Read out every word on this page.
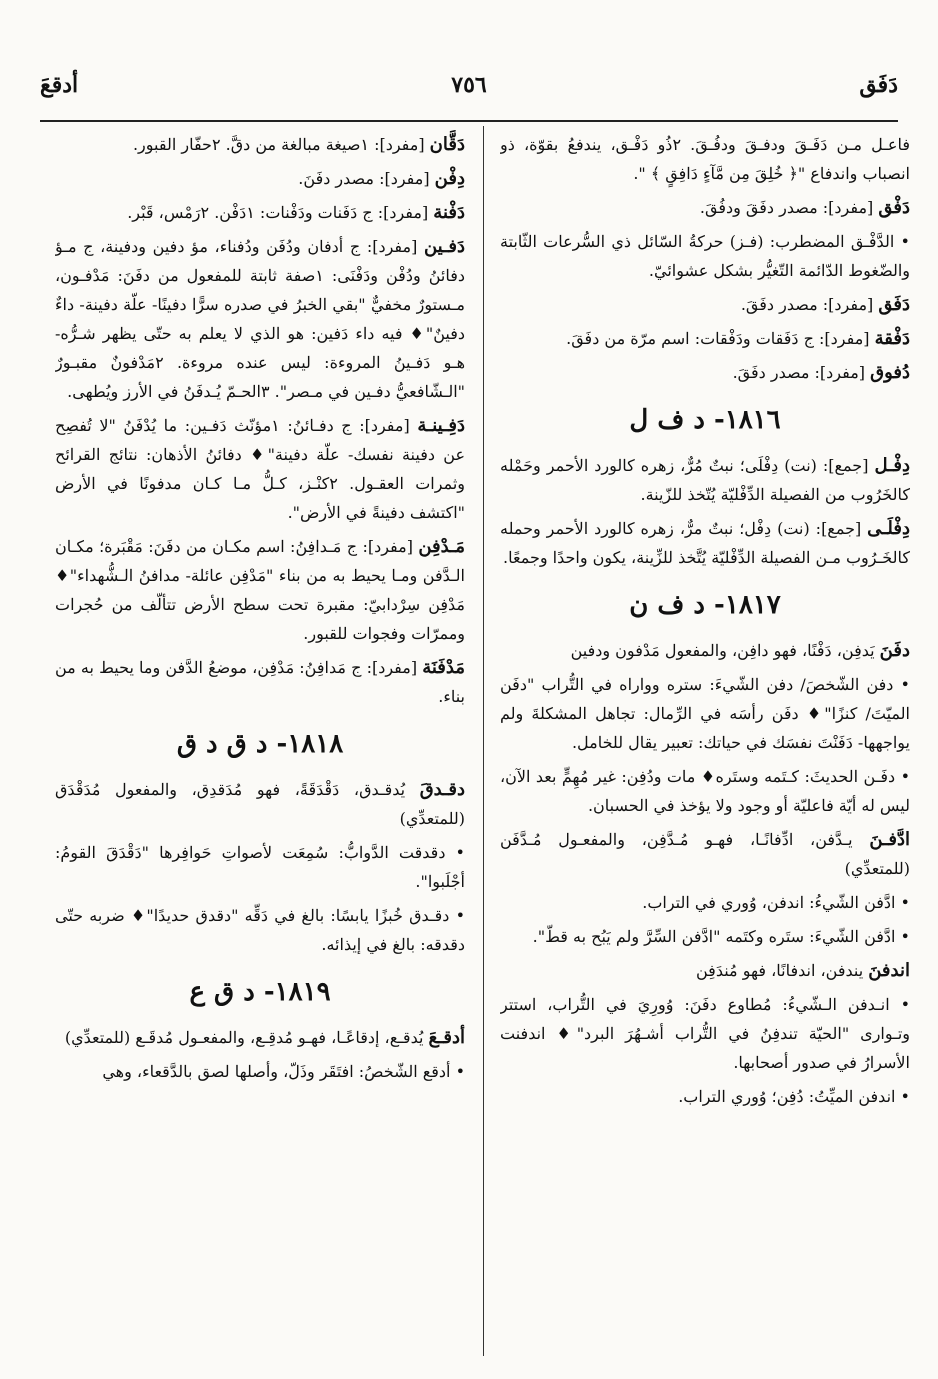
دَفَق
٧٥٦
أدقعَ

فاعـل مـن دَفَـقَ ودفـقَ ودفُـقَ. ٢ذُو دَفْـق، يندفعُ بقوّة، ذو انصباب واندفاع "﴿ خُلِقَ مِن مَّآءٍ دَافِقٍ ﴾ ".

دَفْق [مفرد]: مصدر دفَقَ ودفُقَ.

• الدَّفْـق المضطرب: (فـز) حركةُ السّائل ذي السُّرعات الثّابتة والضّغوط الدّائمة التّغيُّر بشكل عشوائيّ.

دَفَق [مفرد]: مصدر دفَقَ.

دَفْقة [مفرد]: ج دَفَقات ودَفْقات: اسم مرّة من دفَقَ.

دُفوق [مفرد]: مصدر دفَقَ.

١٨١٦- د ف ل

دِفْـل [جمع]: (نت) دِفْلَى؛ نبتٌ مُرٌّ، زهره كالورد الأحمر وحَمْله كالخَرُوب من الفصيلة الدِّفْليّة يُتّخذ للزّينة.

دِفْلَـى [جمع]: (نت) دِفْل؛ نبتٌ مرٌّ، زهره كالورد الأحمر وحمله كالخَـرُوب مـن الفصيلة الدِّفْليّة يُتَّخذ للزِّينة، يكون واحدًا وجمعًا.

١٨١٧- د ف ن

دفَنَ يَدفِن، دَفْنًا، فهو دافِن، والمفعول مَدْفون ودفين

• دفن الشّخصَ/ دفن الشّيءَ: ستره وواراه في التُّراب "دفَن الميّتَ/ كنزًا"♦ دفَن رأسَه في الرِّمال: تجاهل المشكلةَ ولم يواجهها- دَفَنْتَ نفسَك في حياتك: تعبير يقال للخامل.

• دفَـن الحديثَ: كـتَمه وستَره♦ مات ودُفِن: غير مُهِمٍّ بعد الآن، ليس له أيّة فاعليّة أو وجود ولا يؤخذ في الحسبان.

ادَّفـنَ يـدَّفن، ادِّفانًـا، فهـو مُـدَّفِن، والمفعـول مُـدَّفَن (للمتعدِّي)

• ادَّفن الشّيءُ: اندفن، وُوري في التراب.

• ادَّفن الشّيءَ: ستَره وكتَمه "ادَّفن السِّرَّ ولم يَبُح به قطّ".

اندفنَ يندفن، اندفانًا، فهو مُندَفِن

• انـدفن الـشّيءُ: مُطاوع دفَنَ: وُورِيَ في التُّراب، استتر وتـوارى "الحيّة تندفِنُ في التُّراب أشـهُرَ البرد"♦ اندفنت الأسرارُ في صدور أصحابها.

• اندفن الميِّتُ: دُفِن؛ وُوري التراب.

دَقَّان [مفرد]: ١صيغة مبالغة من دقَّ. ٢حفّار القبور.

دِفْن [مفرد]: مصدر دفَنَ.

دَفْنة [مفرد]: ج دَفَنات ودَفْنات: ١دَفْن. ٢رَمْس، قَبْر.

دَفـين [مفرد]: ج أدفان ودُفَن ودُفناء، مؤ دفين ودفينة، ج مـؤ دفائنُ ودُفْن ودَفْنَى: ١صفة ثابتة للمفعول من دفَنَ: مَدْفـون، مـستورٌ مخفيٌّ "بقي الخبرُ في صدره سرًّا دفينًا- علّة دفينة- داءٌ دفينٌ"♦ فيه داء دَفين: هو الذي لا يعلم به حتّى يظهر شـرُّه- هـو دَفـينُ المروءة: ليس عنده مروءة. ٢مَدْفونٌ مقبـورٌ "الـشّافعيُّ دفـين في مـصر". ٣الحـمّ يُـدفَنُ في الأرز ويُطهى.

دَفِـينـة [مفرد]: ج دفـائنُ: ١مؤنّث دَفـين: ما يُدْفَنُ "لا تُفصِح عن دفينة نفسك- علّة دفينة"♦ دفائنُ الأذهان: نتائج القرائح وثمرات العقـول. ٢كنْـز، كـلُّ مـا كـان مدفونًا في الأرض "اكتشف دفينةً في الأرض".

مَـدْفِن [مفرد]: ج مَـدافِنُ: اسم مكـان من دفَنَ: مَقْبَرة؛ مكـان الـدَّفن ومـا يحيط به من بناء "مَدْفِن عائلة- مدافنُ الـشُّهداء"♦ مَدْفِن سِرْدابيّ: مقبرة تحت سطح الأرض تتألّف من حُجرات وممرّات وفجوات للقبور.

مَدْفَنَة [مفرد]: ج مَدافِنُ: مَدْفِن، موضعُ الدَّفن وما يحيط به من بناء.

١٨١٨- د ق د ق

دقـدقَ يُدقـدق، دَقْدَقَةً، فهو مُدَقدِق، والمفعول مُدَقْدَق (للمتعدِّي)

• دقدقت الدَّوابُّ: سُمِعَت لأصواتِ حَوافِرها "دَقْدَقَ القومُ: أجْلَبوا".

• دقـدق خُبزًا يابسًا: بالغ في دَقِّه "دقدق حديدًا"♦ ضربه حتّى دقدقه: بالغ في إيذائه.

١٨١٩- د ق ع

أدقـعَ يُدقـع، إدقاعًـا، فهـو مُدقِـع، والمفعـول مُدقَـع (للمتعدِّي)

• أدقع الشّخصُ: افتَقَر وذَلّ، وأصلها لصق بالدَّقعاء، وهي
